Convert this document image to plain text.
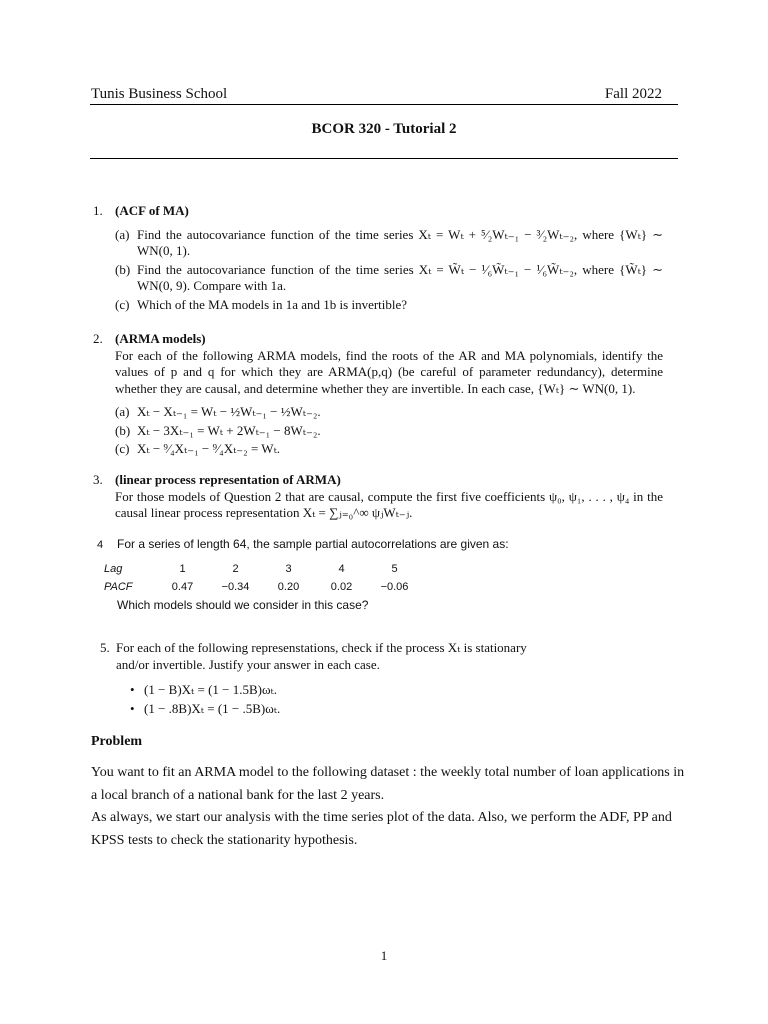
Tunis Business School	Fall 2022
BCOR 320 - Tutorial 2
1. (ACF of MA)
(a) Find the autocovariance function of the time series Xₜ = Wₜ + ⁵⁄₂Wₜ₋₁ − ³⁄₂Wₜ₋₂, where {Wₜ} ∼ WN(0, 1).
(b) Find the autocovariance function of the time series Xₜ = W̃ₜ − ¹⁄₆W̃ₜ₋₁ − ¹⁄₆W̃ₜ₋₂, where {W̃ₜ} ∼ WN(0, 9). Compare with 1a.
(c) Which of the MA models in 1a and 1b is invertible?
2. (ARMA models)
For each of the following ARMA models, find the roots of the AR and MA polynomials, identify the values of p and q for which they are ARMA(p,q) (be careful of parameter redundancy), determine whether they are causal, and determine whether they are invertible. In each case, {Wₜ} ∼ WN(0, 1).
(a) Xₜ − Xₜ₋₁ = Wₜ − ½Wₜ₋₁ − ½Wₜ₋₂.
(b) Xₜ − 3Xₜ₋₁ = Wₜ + 2Wₜ₋₁ − 8Wₜ₋₂.
(c) Xₜ − ⁹⁄₄Xₜ₋₁ − ⁹⁄₄Xₜ₋₂ = Wₜ.
3. (linear process representation of ARMA)
For those models of Question 2 that are causal, compute the first five coefficients ψ₀, ψ₁, . . . , ψ₄ in the causal linear process representation Xₜ = ∑ⱼ₌₀^∞ ψⱼWₜ₋ⱼ.
4 For a series of length 64, the sample partial autocorrelations are given as:
Lag	1	2	3	4	5
PACF	0.47	−0.34	0.20	0.02	−0.06
Which models should we consider in this case?
5. For each of the following represenstations, check if the process Xₜ is stationary and/or invertible. Justify your answer in each case.
• (1 − B)Xₜ = (1 − 1.5B)ωₜ.
• (1 − .8B)Xₜ = (1 − .5B)ωₜ.
Problem
You want to fit an ARMA model to the following dataset : the weekly total number of loan applications in a local branch of a national bank for the last 2 years.
As always, we start our analysis with the time series plot of the data. Also, we perform the ADF, PP and KPSS tests to check the stationarity hypothesis.
1
